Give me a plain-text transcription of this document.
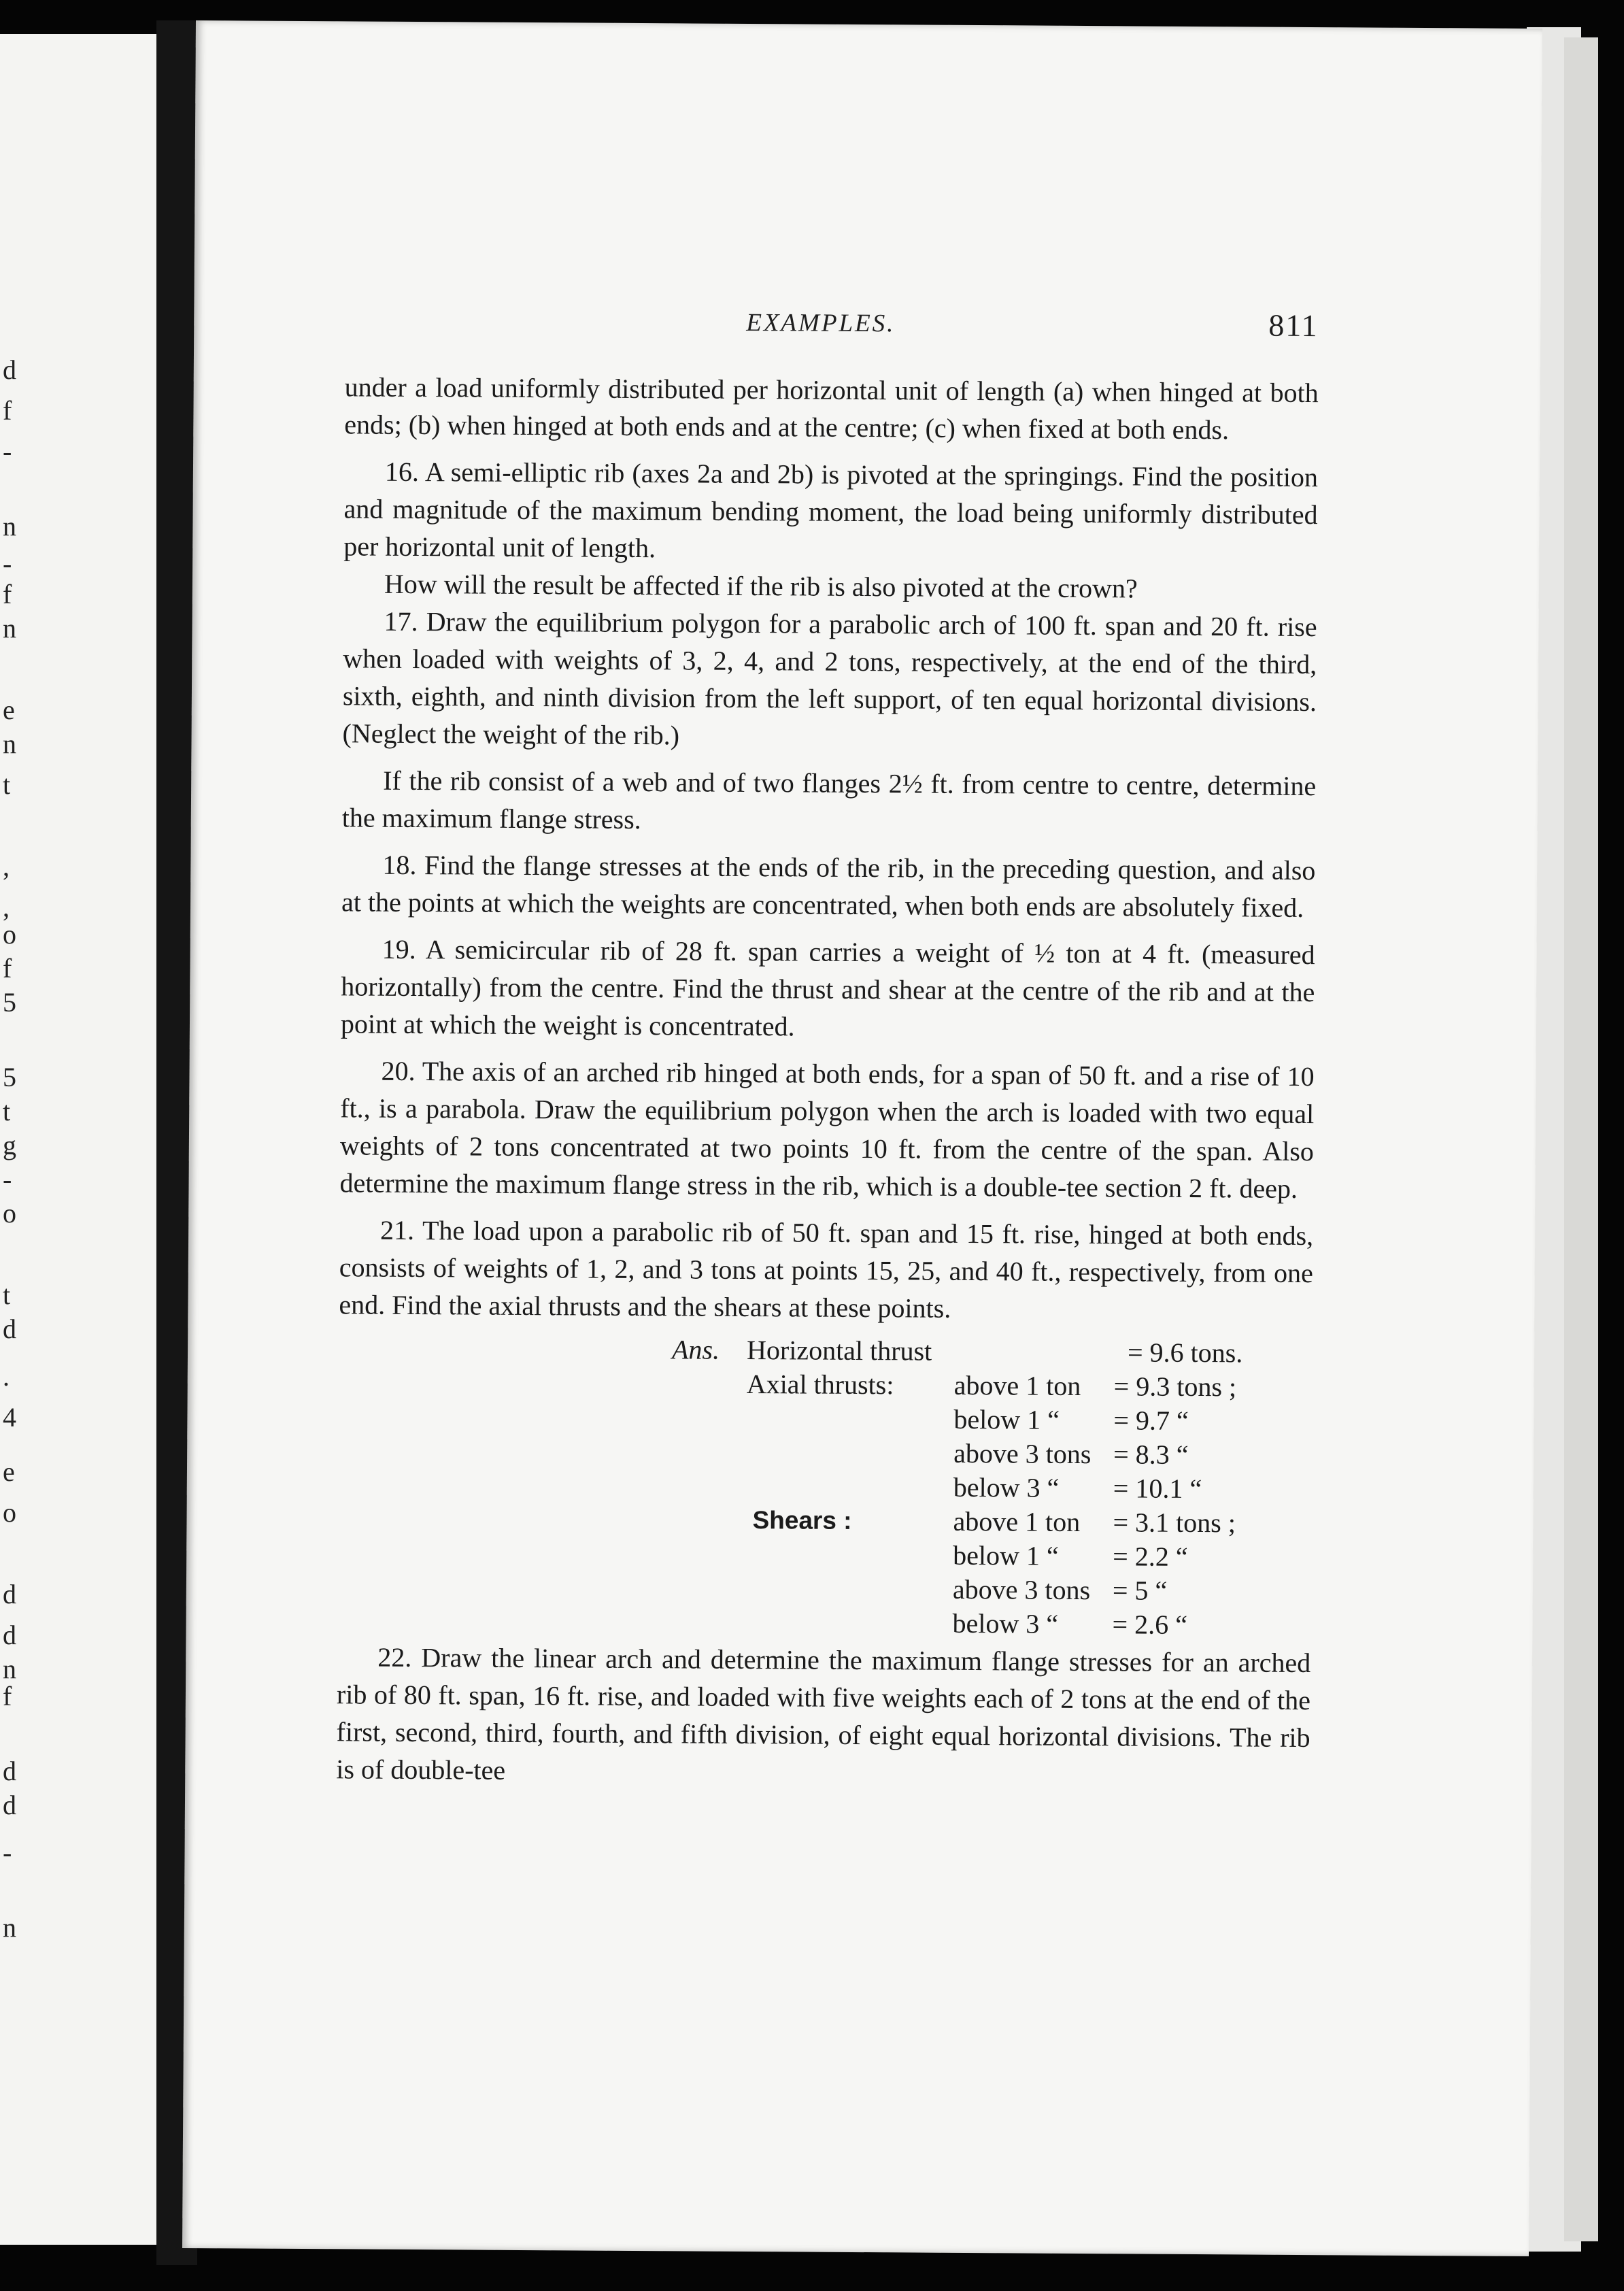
d
f
-
n
-
f
n
e
n
t
,
,
o
f
5
5
t
g
-
o
t
d
.
4
e
o
d
d
n
f
d
d
-
n
EXAMPLES.	811

under a load uniformly distributed per horizontal unit of length (a) when hinged at both ends; (b) when hinged at both ends and at the centre; (c) when fixed at both ends.

16. A semi-elliptic rib (axes 2a and 2b) is pivoted at the springings. Find the position and magnitude of the maximum bending moment, the load being uniformly distributed per horizontal unit of length.

How will the result be affected if the rib is also pivoted at the crown?

17. Draw the equilibrium polygon for a parabolic arch of 100 ft. span and 20 ft. rise when loaded with weights of 3, 2, 4, and 2 tons, respectively, at the end of the third, sixth, eighth, and ninth division from the left support, of ten equal horizontal divisions. (Neglect the weight of the rib.)

If the rib consist of a web and of two flanges 2½ ft. from centre to centre, determine the maximum flange stress.

18. Find the flange stresses at the ends of the rib, in the preceding question, and also at the points at which the weights are concentrated, when both ends are absolutely fixed.

19. A semicircular rib of 28 ft. span carries a weight of ½ ton at 4 ft. (measured horizontally) from the centre. Find the thrust and shear at the centre of the rib and at the point at which the weight is concentrated.

20. The axis of an arched rib hinged at both ends, for a span of 50 ft. and a rise of 10 ft., is a parabola. Draw the equilibrium polygon when the arch is loaded with two equal weights of 2 tons concentrated at two points 10 ft. from the centre of the span. Also determine the maximum flange stress in the rib, which is a double-tee section 2 ft. deep.

21. The load upon a parabolic rib of 50 ft. span and 15 ft. rise, hinged at both ends, consists of weights of 1, 2, and 3 tons at points 15, 25, and 40 ft., respectively, from one end. Find the axial thrusts and the shears at these points.

Ans. Horizontal thrust	= 9.6 tons.
Axial thrusts: above 1 ton = 9.3 tons ;
below 1 “ = 9.7 “
above 3 tons = 8.3 “
below 3 “ = 10.1 “
Shears :	above 1 ton = 3.1 tons ;
below 1 “ = 2.2 “
above 3 tons = 5 “
below 3 “ = 2.6 “

22. Draw the linear arch and determine the maximum flange stresses for an arched rib of 80 ft. span, 16 ft. rise, and loaded with five weights each of 2 tons at the end of the first, second, third, fourth, and fifth division, of eight equal horizontal divisions. The rib is of double-tee
